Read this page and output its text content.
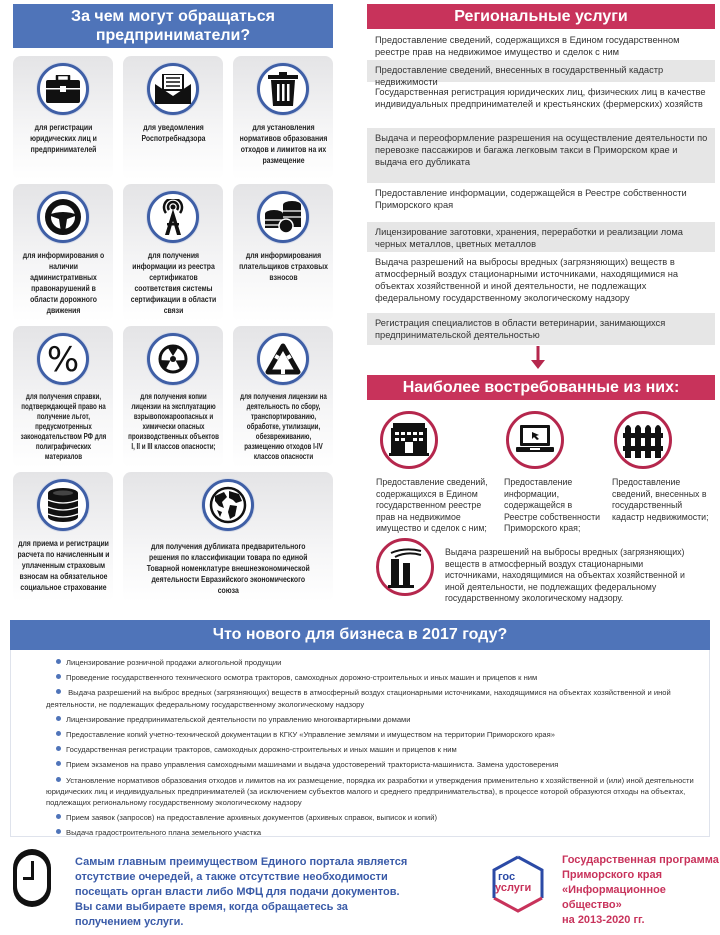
За чем могут обращаться предприниматели?
для регистрации юридических лиц и предпринимателей
для уведомления Роспотребнадзора
для установления нормативов образования отходов и лимитов на их размещение
для информирования о наличии административных правонарушений в области дорожного движения
для получения информации из реестра сертификатов соответствия системы сертификации в области связи
для информирования плательщиков страховых взносов
%
для получения справки, подтверждающей право на получение льгот, предусмотренных законодательством РФ для полиграфических материалов
для получения копии лицензии на эксплуатацию взрывопожароопасных и химически опасных производственных объектов I, II и III классов опасности;
для получения лицензии на деятельность по сбору, транспортированию, обработке, утилизации, обезвреживанию, размещению отходов I-IV классов опасности
для приема и регистрации расчета по начисленным и уплаченным страховым взносам на обязательное социальное страхование
для получения дубликата предварительного решения по классификации товара по единой Товарной номенклатуре внешнеэкономической деятельности Евразийского экономического союза
Региональные услуги
Предоставление сведений, содержащихся в Едином государственном реестре прав на недвижимое имущество и сделок с ним
Предоставление сведений, внесенных в государственный кадастр недвижимости
Государственная регистрация юридических лиц, физических лиц в качестве индивидуальных предпринимателей и крестьянских (фермерских) хозяйств
Выдача и переоформление разрешения на осуществление деятельности по перевозке пассажиров и багажа легковым такси в Приморском крае и выдача его дубликата
Предоставление информации, содержащейся в Реестре собственности Приморского края
Лицензирование заготовки, хранения, переработки и реализации лома черных металлов, цветных металлов
Выдача разрешений на выбросы вредных (загрязняющих) веществ в атмосферный воздух стационарными источниками, находящимися на объектах хозяйственной и иной деятельности, не подлежащих федеральному государственному экологическому надзору
Регистрация специалистов в области ветеринарии, занимающихся предпринимательской деятельностью
Наиболее востребованные из них:
Предоставление сведений, содержащихся в Едином государственном реестре прав на недвижимое имущество и сделок с ним;
Предоставление информации, содержащейся в Реестре собственности Приморского края;
Предоставление сведений, внесенных в государственный кадастр недвижимости;
Выдача разрешений на выбросы вредных (загрязняющих) веществ в атмосферный воздух стационарными источниками, находящимися на объектах хозяйственной и иной деятельности, не подлежащих федеральному государственному экологическому надзору.
Что нового для бизнеса в 2017 году?
Лицензирование розничной продажи алкогольной продукции
Проведение государственного технического осмотра тракторов, самоходных дорожно-строительных и иных машин и прицепов к ним
Выдача разрешений на выброс вредных (загрязняющих) веществ в атмосферный воздух стационарными источниками, находящимися на объектах хозяйственной и иной деятельности, не подлежащих федеральному государственному экологическому надзору
Лицензирование предпринимательской деятельности по управлению многоквартирными домами
Предоставление копий учетно-технической документации в КГКУ «Управление землями и имуществом на территории Приморского края»
Государственная регистрации тракторов, самоходных дорожно-строительных и иных машин и прицепов к ним
Прием экзаменов на право управления самоходными машинами и выдача удостоверений тракториста-машиниста. Замена удостоверения
Установление нормативов образования отходов и лимитов на их размещение, порядка их разработки и утверждения применительно к хозяйственной и (или) иной деятельности юридических лиц и индивидуальных предпринимателей (за исключением субъектов малого и среднего предпринимательства), в процессе которой образуются отходы на объектах, подлежащих региональному государственному экологическому надзору
Прием заявок (запросов) на предоставление архивных документов (архивных справок, выписок и копий)
Выдача градостроительного плана земельного участка
Самым главным преимуществом Единого портала является отсутствие очередей, а также отсутствие необходимости посещать орган власти либо МФЦ для подачи документов. Вы сами выбираете время, когда обращаетесь за получением услуги.
гос
услуги
Государственная программа
Приморского края
«Информационное общество»
на 2013-2020 гг.
